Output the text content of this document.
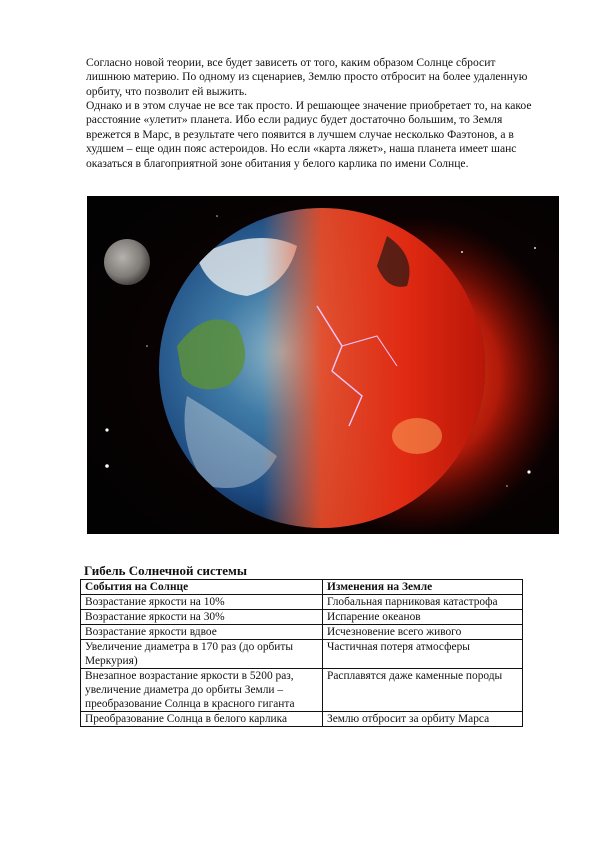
Согласно новой теории, все будет зависеть от того, каким образом Солнце сбросит лишнюю материю. По одному из сценариев, Землю просто отбросит на более удаленную орбиту, что позволит ей выжить.

Однако и в этом случае не все так просто. И решающее значение приобретает то, на какое расстояние «улетит» планета. Ибо если радиус будет достаточно большим, то Земля врежется в Марс, в результате чего появится в лучшем случае несколько Фаэтонов, а в худшем – еще один пояс астероидов. Но если «карта ляжет», наша планета имеет шанс оказаться в благоприятной зоне обитания у белого карлика по имени Солнце.

Гибель Солнечной системы
События на Солнце	Изменения на Земле
Возрастание яркости на 10%	Глобальная парниковая катастрофа
Возрастание яркости на 30%	Испарение океанов
Возрастание яркости вдвое	Исчезновение всего живого
Увеличение диаметра в 170 раз (до орбиты Меркурия)	Частичная потеря атмосферы
Внезапное возрастание яркости в 5200 раз, увеличение диаметра до орбиты Земли – преобразование Солнца в красного гиганта	Расплавятся даже каменные породы
Преобразование Солнца в белого карлика	Землю отбросит за орбиту Марса
